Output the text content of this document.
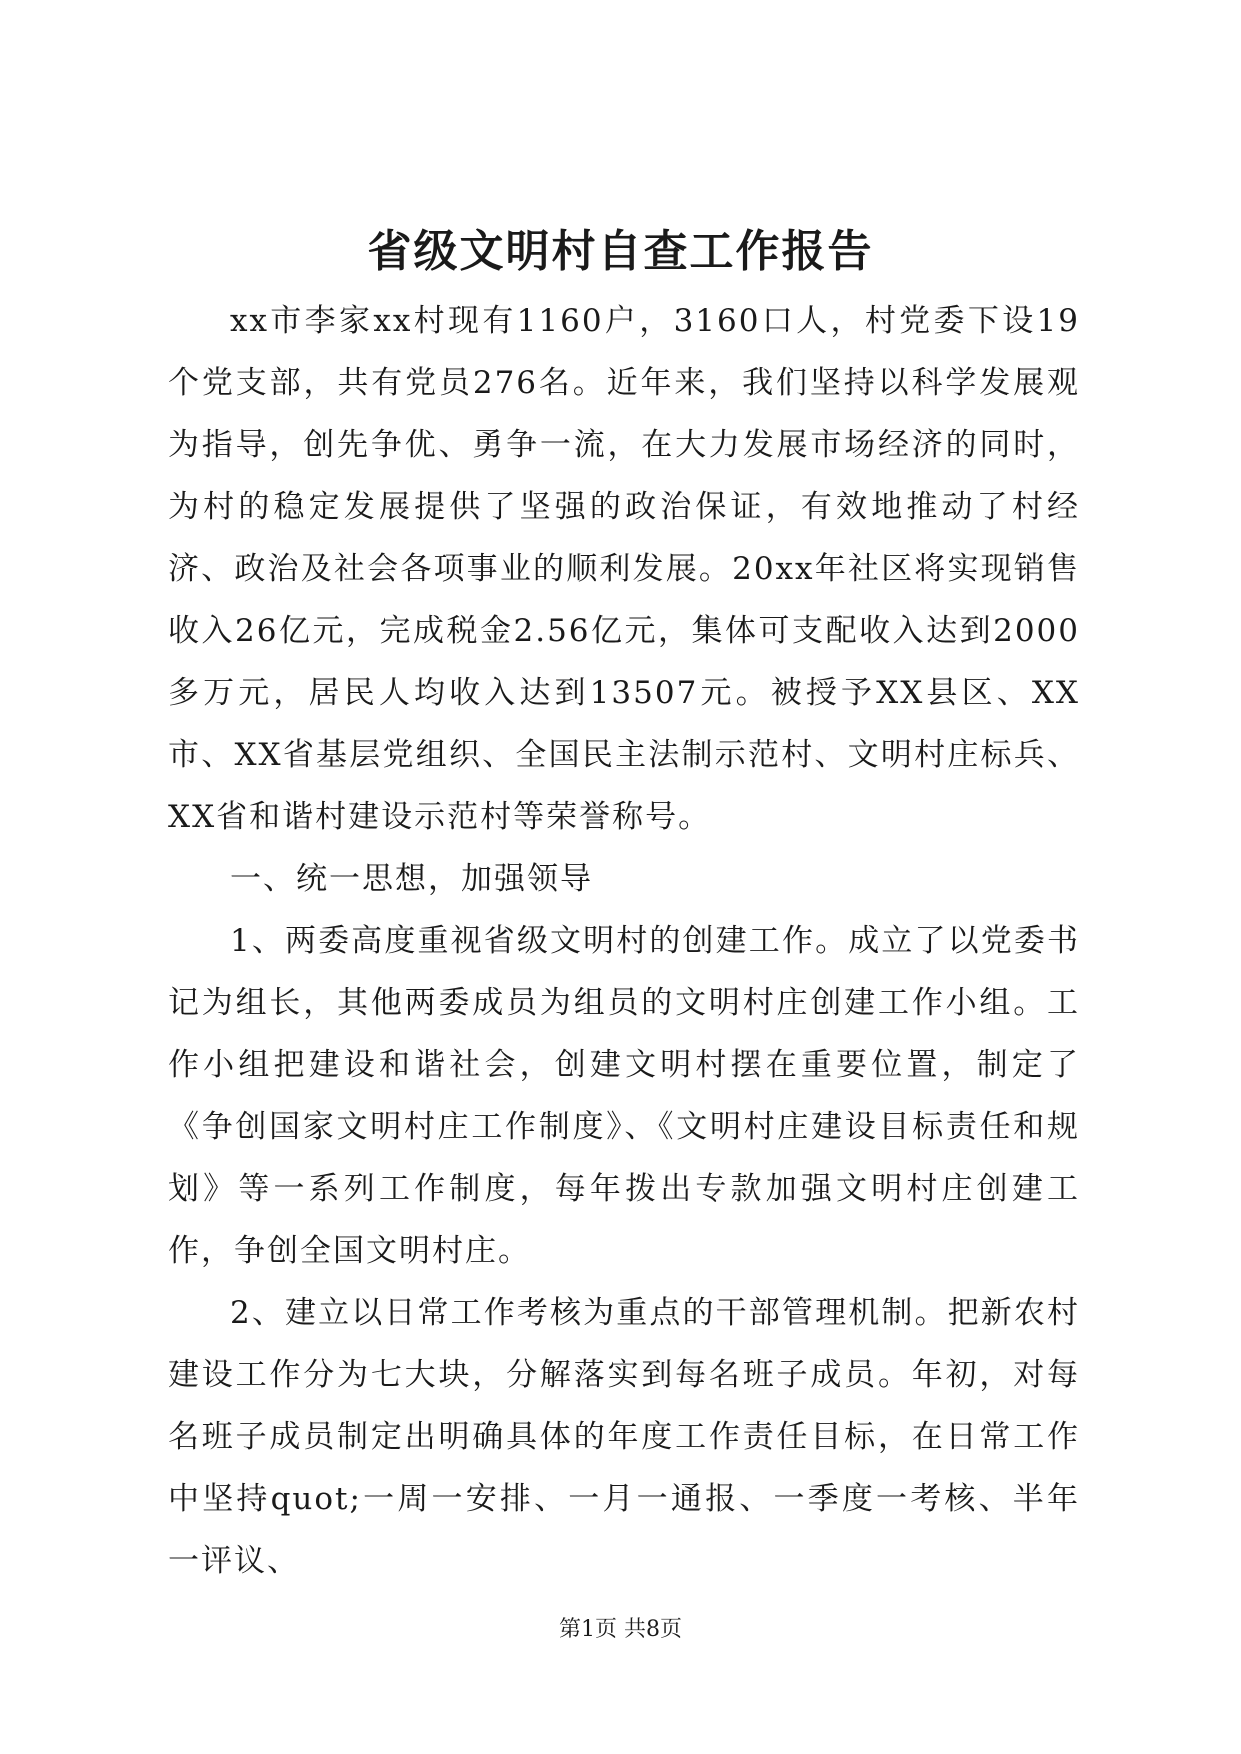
省级文明村自查工作报告

xx市李家xx村现有1160户，3160口人，村党委下设19个党支部，共有党员276名。近年来，我们坚持以科学发展观为指导，创先争优、勇争一流，在大力发展市场经济的同时，为村的稳定发展提供了坚强的政治保证，有效地推动了村经济、政治及社会各项事业的顺利发展。20xx年社区将实现销售收入26亿元，完成税金2.56亿元，集体可支配收入达到2000多万元，居民人均收入达到13507元。被授予XX县区、XX市、XX省基层党组织、全国民主法制示范村、文明村庄标兵、XX省和谐村建设示范村等荣誉称号。

一、统一思想，加强领导

1、两委高度重视省级文明村的创建工作。成立了以党委书记为组长，其他两委成员为组员的文明村庄创建工作小组。工作小组把建设和谐社会，创建文明村摆在重要位置，制定了《争创国家文明村庄工作制度》、《文明村庄建设目标责任和规划》等一系列工作制度，每年拨出专款加强文明村庄创建工作，争创全国文明村庄。

2、建立以日常工作考核为重点的干部管理机制。把新农村建设工作分为七大块，分解落实到每名班子成员。年初，对每名班子成员制定出明确具体的年度工作责任目标，在日常工作中坚持quot;一周一安排、一月一通报、一季度一考核、半年一评议、

第1页 共8页
